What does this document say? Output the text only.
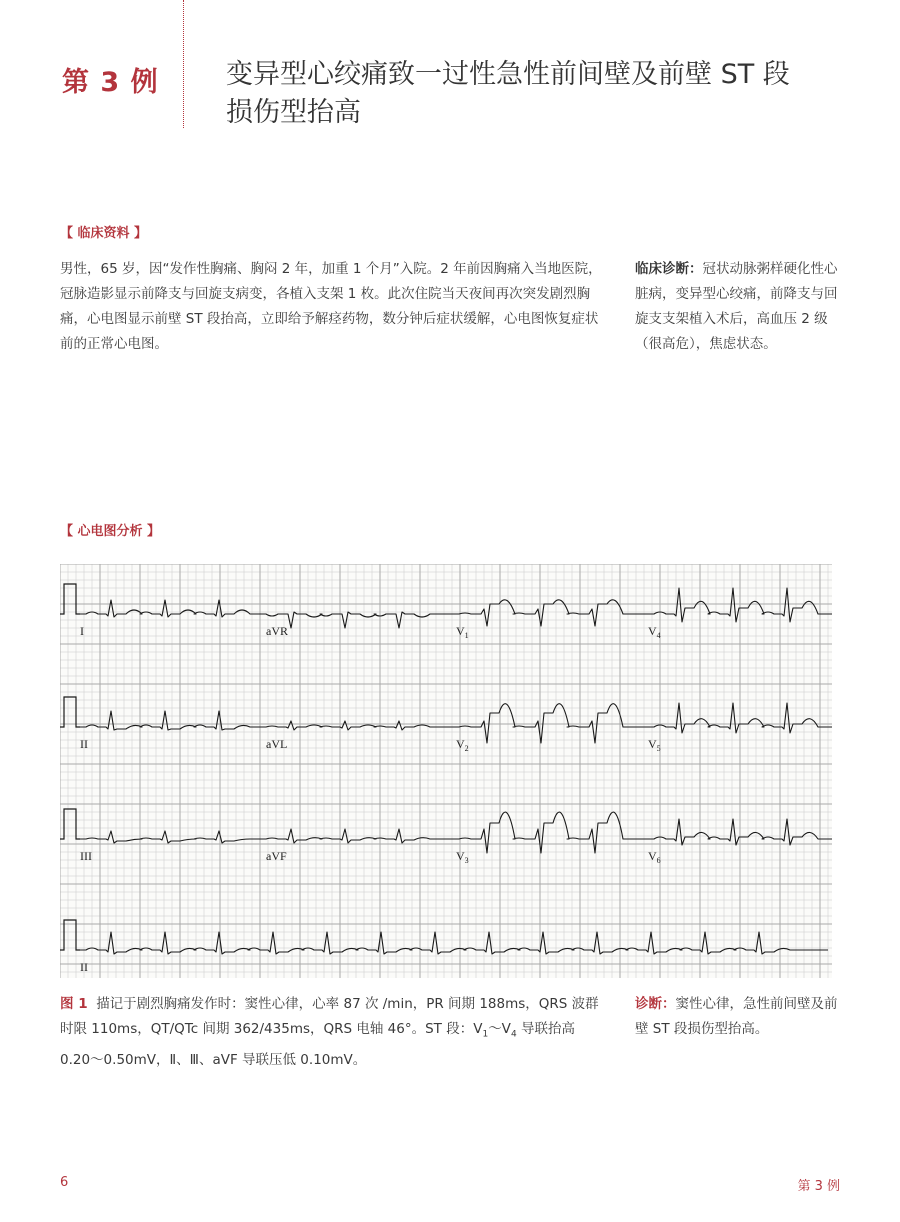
第 3 例 变异型心绞痛致一过性急性前间壁及前壁 ST 段
损伤型抬高
【 临床资料 】
男性，65 岁，因“发作性胸痛、胸闷 2 年，加重 1 个月”入院。2 年前因胸痛入当地医院，冠脉造影显示前降支与回旋支病变，各植入支架 1 枚。此次住院当天夜间再次突发剧烈胸痛，心电图显示前壁 ST 段抬高，立即给予解痉药物，数分钟后症状缓解，心电图恢复症状前的正常心电图。
临床诊断：冠状动脉粥样硬化性心脏病，变异型心绞痛，前降支与回旋支支架植入术后，高血压 2 级（很高危），焦虑状态。
【 心电图分析 】
I	aVR	$V_1$	$V_4$
II	aVL	$V_2$	$V_5$
III	aVF	$V_3$	$V_6$
II
图 1 描记于剧烈胸痛发作时：窦性心律，心率 87 次 /min，PR 间期 188ms，QRS 波群时限 110ms，QT/QTc 间期 362/435ms，QRS 电轴 46°。ST 段：$V_1\sim V_4$ 导联抬高 0.20～0.50mV，Ⅱ、Ⅲ、aVF 导联压低 0.10mV。
诊断：窦性心律，急性前间壁及前壁 ST 段损伤型抬高。
6	第 3 例
